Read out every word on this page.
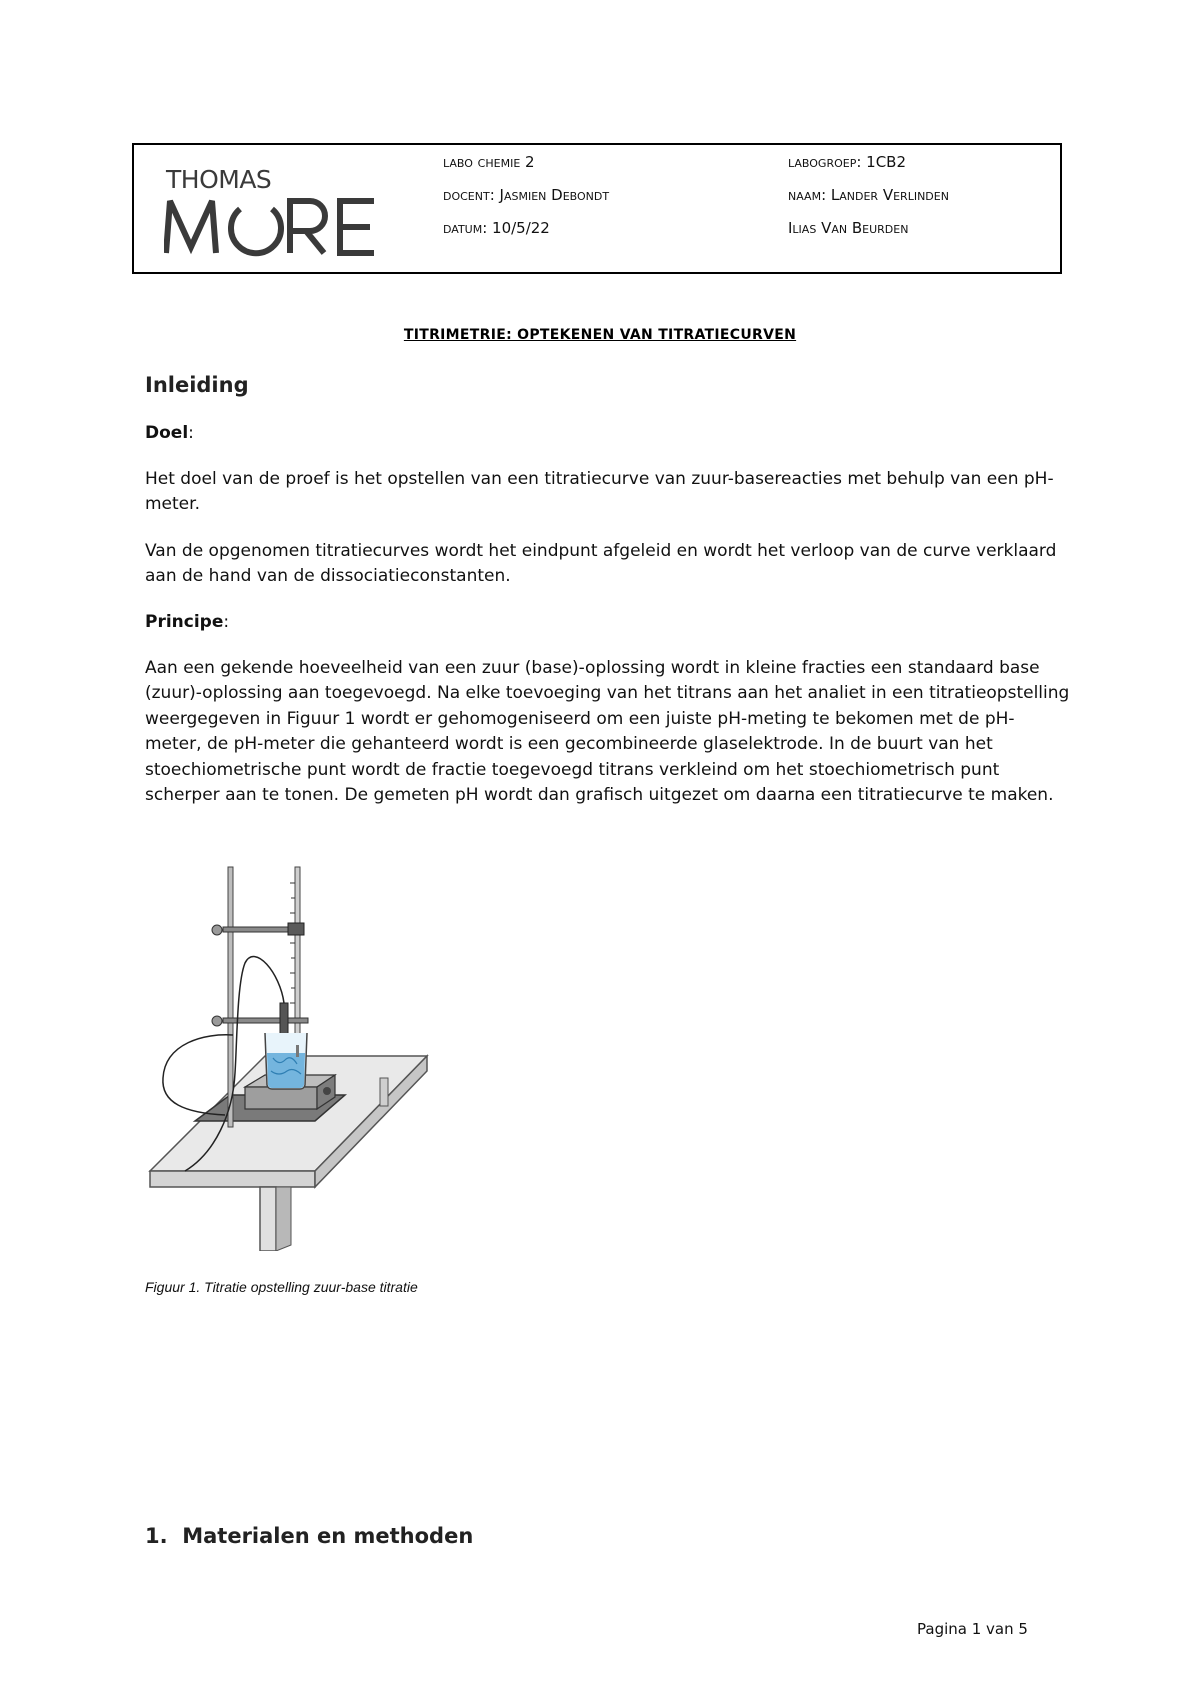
THOMAS
labo chemie 2
docent: Jasmien Debondt
datum: 10/5/22
labogroep: 1CB2
naam: Lander Verlinden
Ilias Van Beurden
TITRIMETRIE: OPTEKENEN VAN TITRATIECURVEN
Inleiding
Doel:
Het doel van de proef is het opstellen van een titratiecurve van zuur-basereacties met behulp van een pH-meter.
Van de opgenomen titratiecurves wordt het eindpunt afgeleid en wordt het verloop van de curve verklaard aan de hand van de dissociatieconstanten.
Principe:
Aan een gekende hoeveelheid van een zuur (base)-oplossing wordt in kleine fracties een standaard base (zuur)-oplossing aan toegevoegd. Na elke toevoeging van het titrans aan het analiet in een titratieopstelling weergegeven in Figuur 1 wordt er gehomogeniseerd om een juiste pH-meting te bekomen met de pH-meter, de pH-meter die gehanteerd wordt is een gecombineerde glaselektrode. In de buurt van het stoechiometrische punt wordt de fractie toegevoegd titrans verkleind om het stoechiometrisch punt scherper aan te tonen. De gemeten pH wordt dan grafisch uitgezet om daarna een titratiecurve te maken.
Figuur 1. Titratie opstelling zuur-base titratie
1. Materialen en methoden
Pagina 1 van 5
